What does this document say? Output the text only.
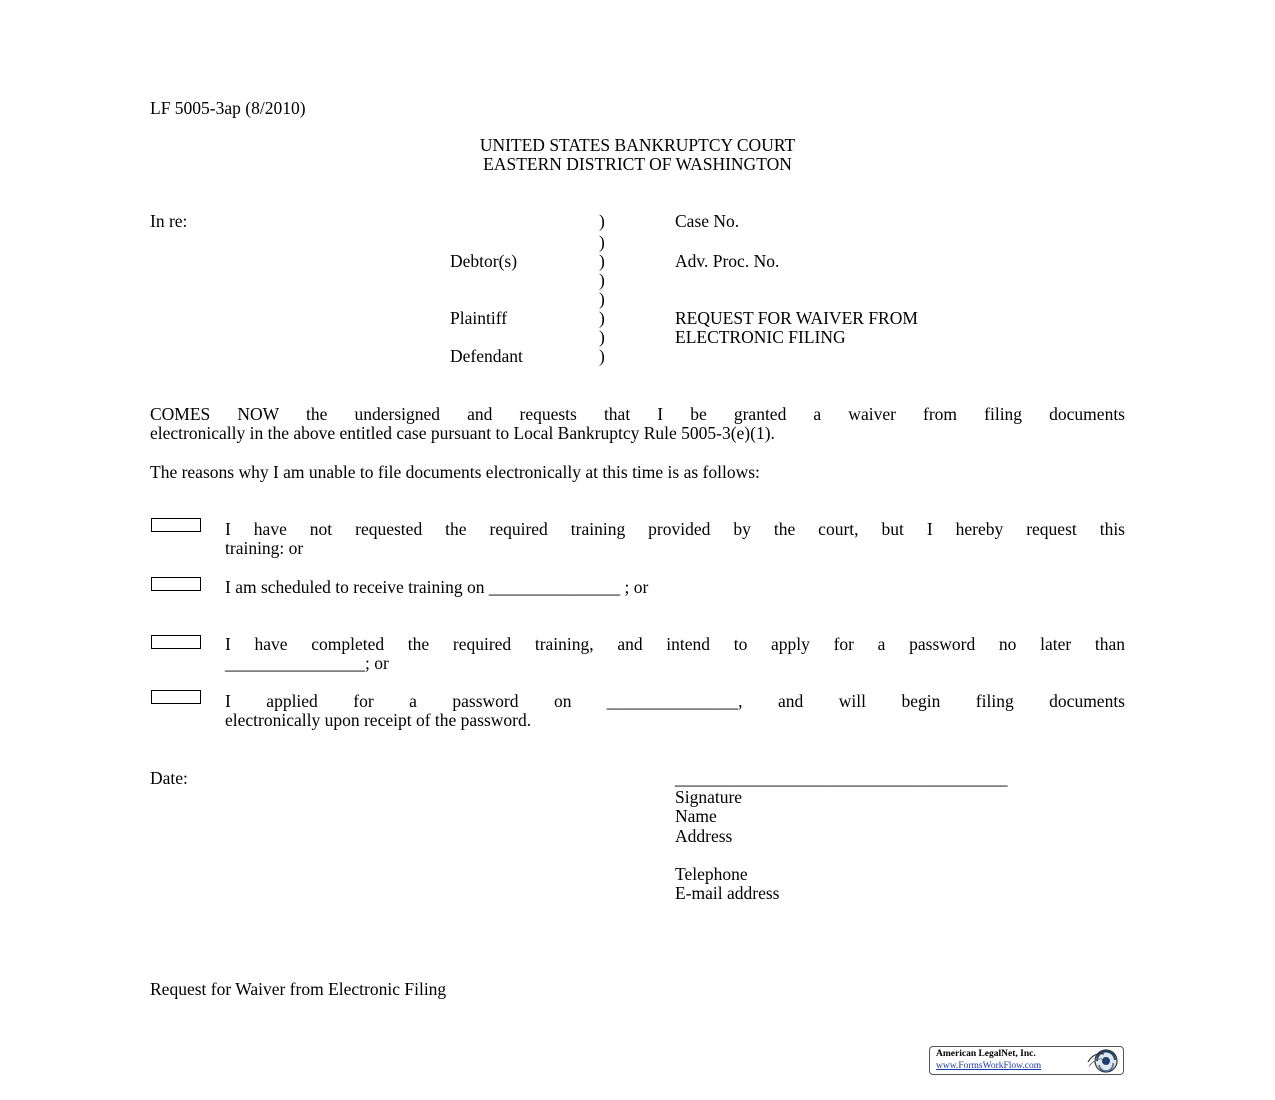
LF 5005-3ap (8/2010)
UNITED STATES BANKRUPTCY COURT
EASTERN DISTRICT OF WASHINGTON
In re:
Debtor(s)
Plaintiff
Defendant
)
)
)
)
)
)
)
)
Case No.
Adv. Proc. No.
REQUEST FOR WAIVER FROM
ELECTRONIC FILING
COMES NOW the undersigned and requests that I be granted a waiver from filing documents
electronically in the above entitled case pursuant to Local Bankruptcy Rule 5005-3(e)(1).
The reasons why I am unable to file documents electronically at this time is as follows:
I have not requested the required training provided by the court, but I hereby request this
training: or
I am scheduled to receive training on _______________ ; or
I have completed the required training, and intend to apply for a password no later than
________________; or
I applied for a password on _______________, and will begin filing documents
electronically upon receipt of the password.
Date:	______________________________________
Signature
Name
Address
Telephone
E-mail address
Request for Waiver from Electronic Filing
American LegalNet, Inc.
www.FormsWorkFlow.com
